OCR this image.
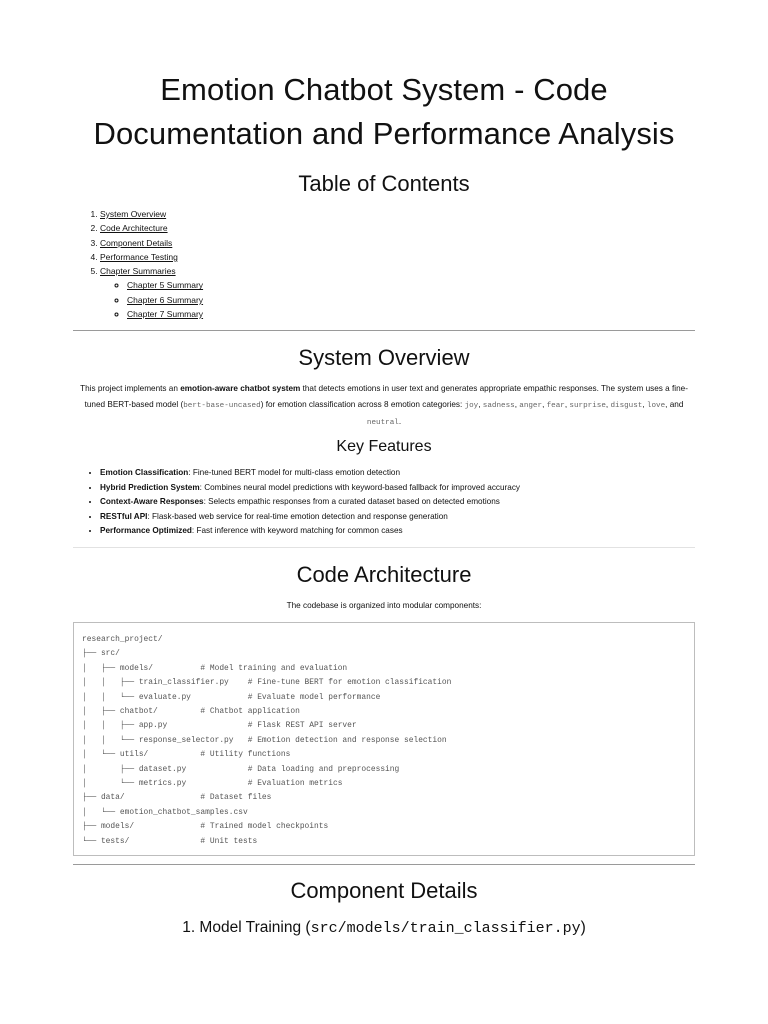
Emotion Chatbot System - Code Documentation and Performance Analysis
Table of Contents
1. System Overview
2. Code Architecture
3. Component Details
4. Performance Testing
5. Chapter Summaries
◦ Chapter 5 Summary
◦ Chapter 6 Summary
◦ Chapter 7 Summary
System Overview

This project implements an emotion-aware chatbot system that detects emotions in user text and generates appropriate empathic responses. The system uses a fine-tuned BERT-based model (bert-base-uncased) for emotion classification across 8 emotion categories: joy, sadness, anger, fear, surprise, disgust, love, and neutral.

Key Features
• Emotion Classification: Fine-tuned BERT model for multi-class emotion detection
• Hybrid Prediction System: Combines neural model predictions with keyword-based fallback for improved accuracy
• Context-Aware Responses: Selects empathic responses from a curated dataset based on detected emotions
• RESTful API: Flask-based web service for real-time emotion detection and response generation
• Performance Optimized: Fast inference with keyword matching for common cases
Code Architecture

The codebase is organized into modular components:

research_project/
├── src/
│   ├── models/          # Model training and evaluation
│   │   ├── train_classifier.py    # Fine-tune BERT for emotion classification
│   │   └── evaluate.py            # Evaluate model performance
│   ├── chatbot/         # Chatbot application
│   │   ├── app.py                 # Flask REST API server
│   │   └── response_selector.py   # Emotion detection and response selection
│   └── utils/           # Utility functions
│       ├── dataset.py             # Data loading and preprocessing
│       └── metrics.py             # Evaluation metrics
├── data/                # Dataset files
│   └── emotion_chatbot_samples.csv
├── models/              # Trained model checkpoints
└── tests/               # Unit tests

Component Details
1. Model Training (src/models/train_classifier.py)
